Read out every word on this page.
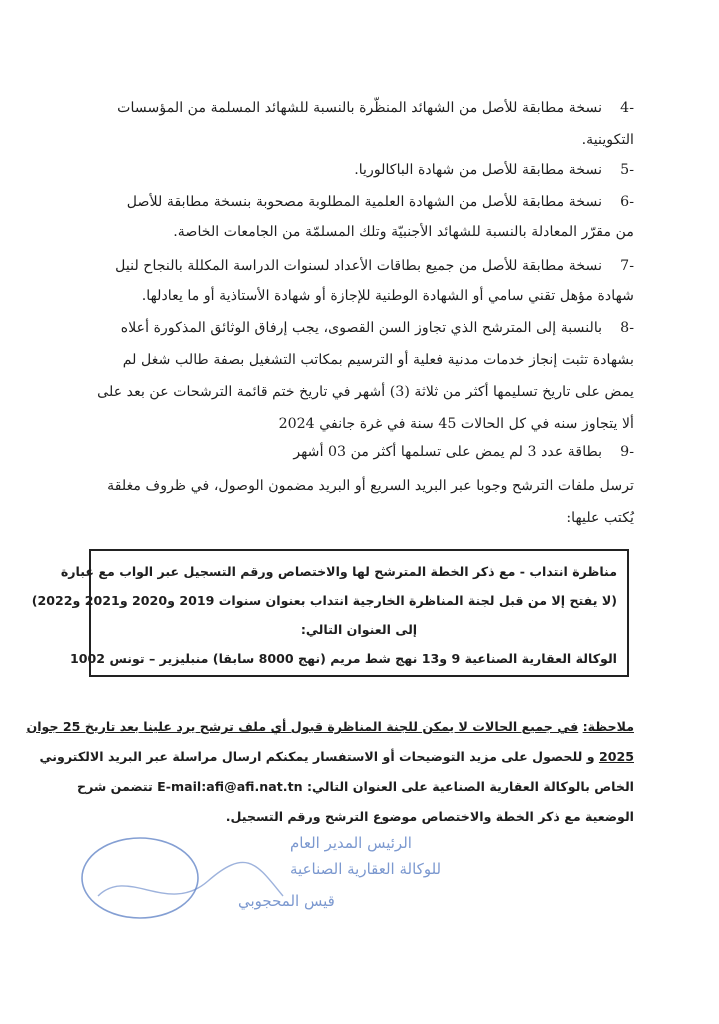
-4    نسخة مطابقة للأصل من الشهائد المنظّرة بالنسبة للشهائد المسلمة من المؤسسات
التكوينية.
-5    نسخة مطابقة للأصل من شهادة الباكالوريا.
-6    نسخة مطابقة للأصل من الشهادة العلمية المطلوبة مصحوبة بنسخة مطابقة للأصل
من مقرّر المعادلة بالنسبة للشهائد الأجنبيّة وتلك المسلمّة من الجامعات الخاصة.
-7    نسخة مطابقة للأصل من جميع بطاقات الأعداد لسنوات الدراسة المكللة بالنجاح لنيل
شهادة مؤهل تقني سامي أو الشهادة الوطنية للإجازة أو شهادة الأستاذية أو ما يعادلها.
-8    بالنسبة إلى المترشح الذي تجاوز السن القصوى، يجب إرفاق الوثائق المذكورة أعلاه
بشهادة تثبت إنجاز خدمات مدنية فعلية أو الترسيم بمكاتب التشغيل بصفة طالب شغل لم
يمض على تاريخ تسليمها أكثر من ثلاثة (3) أشهر في تاريخ ختم قائمة الترشحات عن بعد على
ألا يتجاوز سنه في كل الحالات 45 سنة في غرة جانفي 2024
-9    بطاقة عدد 3 لم يمض على تسلمها أكثر من 03 أشهر
ترسل ملفات الترشح وجوبا عبر البريد السريع أو البريد مضمون الوصول، في ظروف مغلقة
يُكتب عليها:
مناظرة انتداب - مع ذكر الخطة المترشح لها والاختصاص ورقم التسجيل عبر الواب مع عبارة
(لا يفتح إلا من قبل لجنة المناظرة الخارجية انتداب بعنوان سنوات 2019 و2020 و2021 و2022)
إلى العنوان التالي:
الوكالة العقارية الصناعية 9 و13 نهج شط مريم (نهج 8000 سابقا) منبليزير – تونس 1002
ملاحظة: في جميع الحالات لا يمكن للجنة المناظرة قبول أي ملف ترشح يرد علينا بعد تاريخ 25 جوان
2025 و للحصول على مزيد التوضيحات أو الاستفسار يمكنكم ارسال مراسلة عبر البريد الالكتروني
الخاص بالوكالة العقارية الصناعية على العنوان التالي: E-mail:afi@afi.nat.tn تتضمن شرح
الوضعية مع ذكر الخطة والاختصاص موضوع الترشح ورقم التسجيل.
الرئيس المدير العام
للوكالة العقارية الصناعية
قيس المحجوبي
